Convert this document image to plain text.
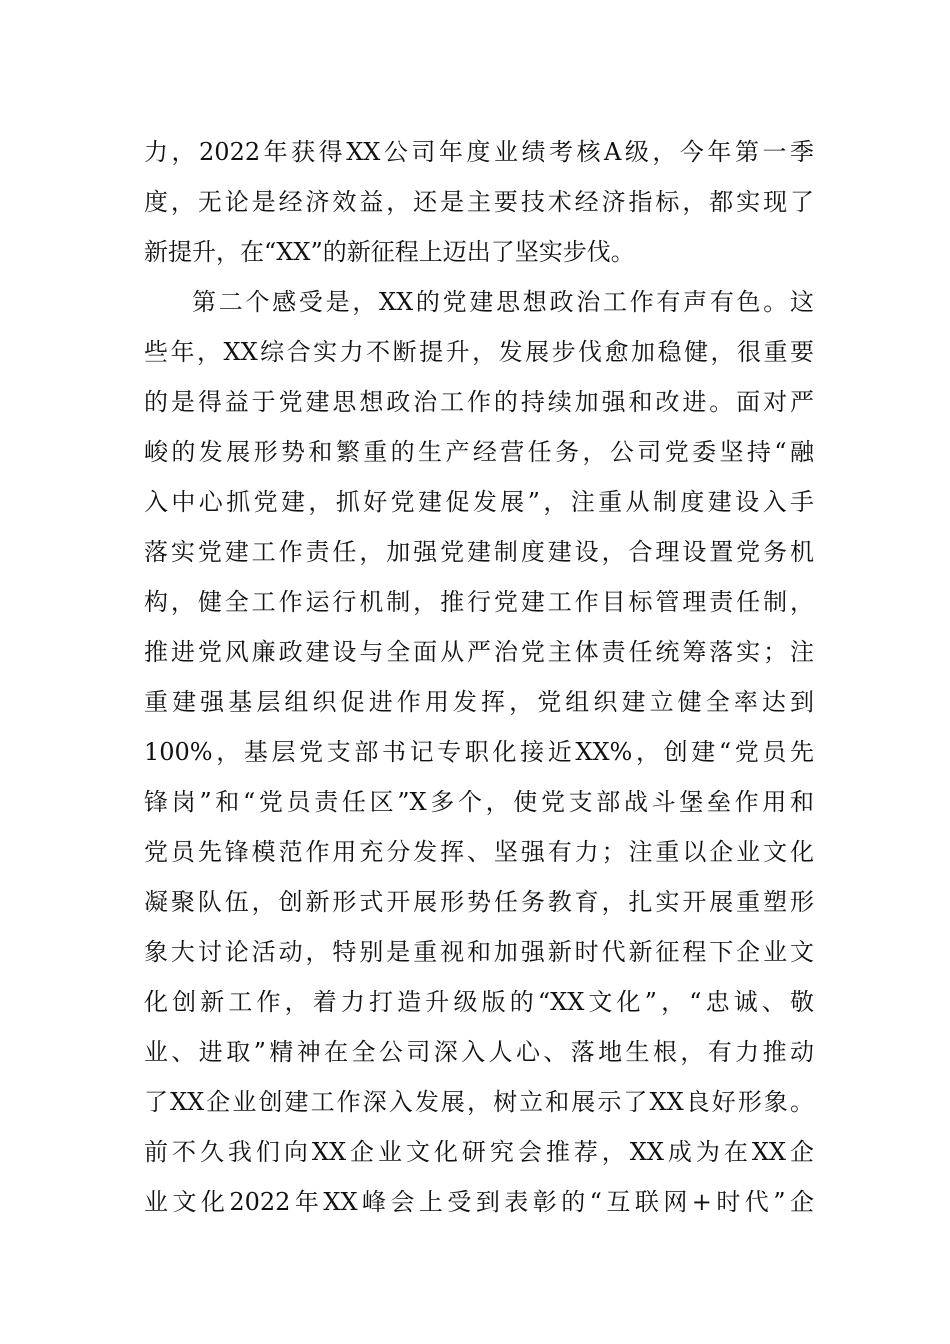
力，2022年获得XX公司年度业绩考核A级，今年第一季
度，无论是经济效益，还是主要技术经济指标，都实现了
新提升，在“XX”的新征程上迈出了坚实步伐。
第二个感受是，XX的党建思想政治工作有声有色。这
些年，XX综合实力不断提升，发展步伐愈加稳健，很重要
的是得益于党建思想政治工作的持续加强和改进。面对严
峻的发展形势和繁重的生产经营任务，公司党委坚持“融
入中心抓党建，抓好党建促发展”，注重从制度建设入手
落实党建工作责任，加强党建制度建设，合理设置党务机
构，健全工作运行机制，推行党建工作目标管理责任制，
推进党风廉政建设与全面从严治党主体责任统筹落实；注
重建强基层组织促进作用发挥，党组织建立健全率达到
100%，基层党支部书记专职化接近XX%，创建“党员先
锋岗”和“党员责任区”X多个，使党支部战斗堡垒作用和
党员先锋模范作用充分发挥、坚强有力；注重以企业文化
凝聚队伍，创新形式开展形势任务教育，扎实开展重塑形
象大讨论活动，特别是重视和加强新时代新征程下企业文
化创新工作，着力打造升级版的“XX文化”，“忠诚、敬
业、进取”精神在全公司深入人心、落地生根，有力推动
了XX企业创建工作深入发展，树立和展示了XX良好形象。
前不久我们向XX企业文化研究会推荐，XX成为在XX企
业文化2022年XX峰会上受到表彰的“互联网+时代”企
